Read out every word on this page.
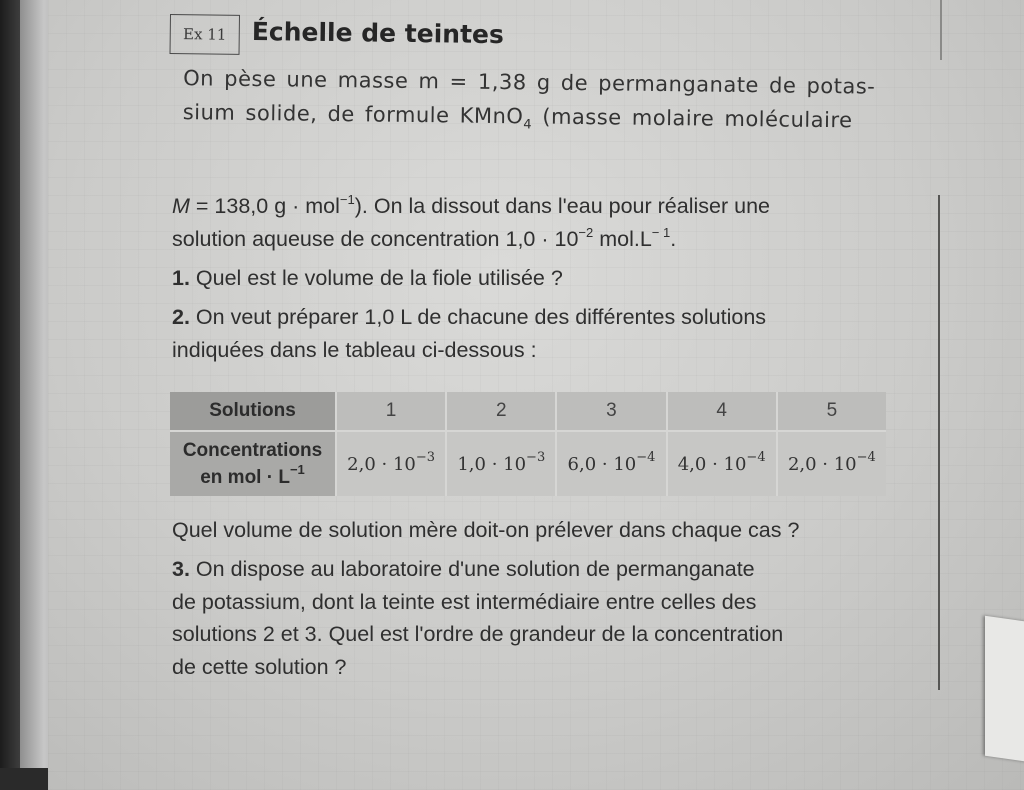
Ex 11 Échelle de teintes
On pèse une masse m = 1,38 g de permanganate de potas-
sium solide, de formule KMnO$_4$ (masse molaire moléculaire

M = 138,0 g · mol$^{-1}$). On la dissout dans l'eau pour réaliser une

solution aqueuse de concentration $1,0 \cdot 10^{-2}$ $mol.L^{- 1}$.

1. Quel est le volume de la fiole utilisée ?

2. On veut préparer 1,0 L de chacune des différentes solutions

indiquées dans le tableau ci-dessous :

Solutions	1	2	3	4	5

Concentrations
en mol · $L^{-1}$	$2,0 \cdot 10^{-3}$	$1,0 \cdot 10^{-3}$	$6,0 \cdot 10^{-4}$	$4,0 \cdot 10^{-4}$	$2,0 \cdot 10^{-4}$

Quel volume de solution mère doit-on prélever dans chaque cas ?

3. On dispose au laboratoire d'une solution de permanganate

de potassium, dont la teinte est intermédiaire entre celles des

solutions 2 et 3. Quel est l'ordre de grandeur de la concentration

de cette solution ?
